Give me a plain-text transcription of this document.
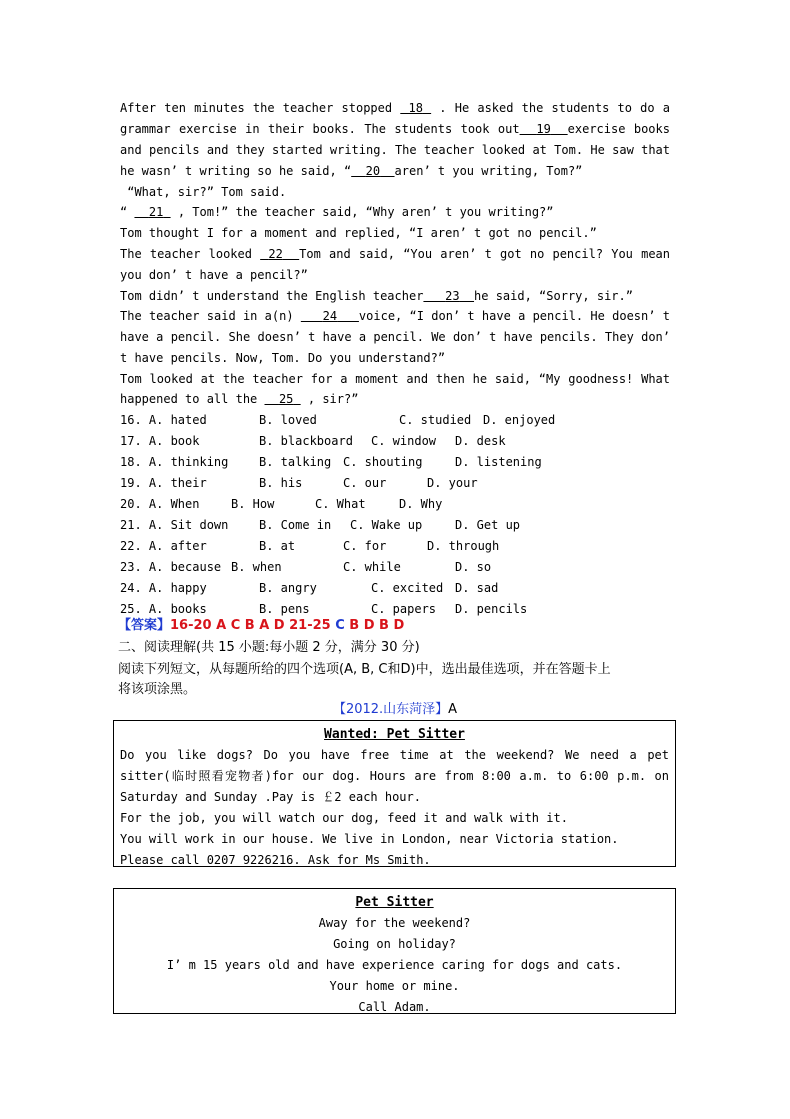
After ten minutes the teacher stopped  18  . He asked the students to do a grammar exercise in their books. The students took out 19 exercise books and pencils and they started writing. The teacher looked at Tom. He saw that he wasn’ t writing so he said, “ 20 aren’ t you writing, Tom?”

“What, sir?” Tom said.
“   21  , Tom!” the teacher said, “Why aren’ t you writing?”
Tom thought I for a moment and replied, “I aren’ t got no pencil.”

The teacher looked  22 Tom and said, “You aren’ t got no pencil? You mean you don’ t have a pencil?”

Tom didn’ t understand the English teacher 23 he said, “Sorry, sir.”

The teacher said in a(n)    24 voice, “I don’ t have a pencil. He doesn’ t have a pencil. She doesn’ t have a pencil. We don’ t have pencils. They don’ t have pencils. Now, Tom. Do you understand?”

Tom looked at the teacher for a moment and then he said, “My goodness! What happened to all the   25  , sir?”

16. A. hated	B. loved	C. studied D. enjoyed
17. A. book	B. blackboard C. window D. desk
18. A. thinking	B. talking C. shouting	D. listening
19. A. their	B. his	C. our	D. your
20. A. When	B. How	C. What	D. Why
21. A. Sit down	B. Come in C. Wake up	D. Get up
22. A. after	B. at	C. for	D. through
23. A. because B. when	C. while	D. so
24. A. happy	B. angry	C. excited D. sad
25. A. books	B. pens	C. papers D. pencils
【答案】16-20 A C B A D 21-25 C B D B D
二、阅读理解(共 15 小题:每小题 2 分，满分 30 分)
阅读下列短文，从每题所给的四个选项(A, B, C和D)中，选出最佳选项，并在答题卡上
将该项涂黑。
【2012.山东菏泽】A
Wanted: Pet Sitter

Do you like dogs? Do you have free time at the weekend? We need a pet sitter(临时照看宠物者)for our dog. Hours are from 8:00 a.m. to 6:00 p.m. on Saturday and Sunday .Pay is ￡2 each hour.

For the job, you will watch our dog, feed it and walk with it.

You will work in our house. We live in London, near Victoria station.

Please call 0207 9226216. Ask for Ms Smith.

Pet Sitter

Away for the weekend?

Going on holiday?

I’ m 15 years old and have experience caring for dogs and cats.

Your home or mine.

Call Adam.
